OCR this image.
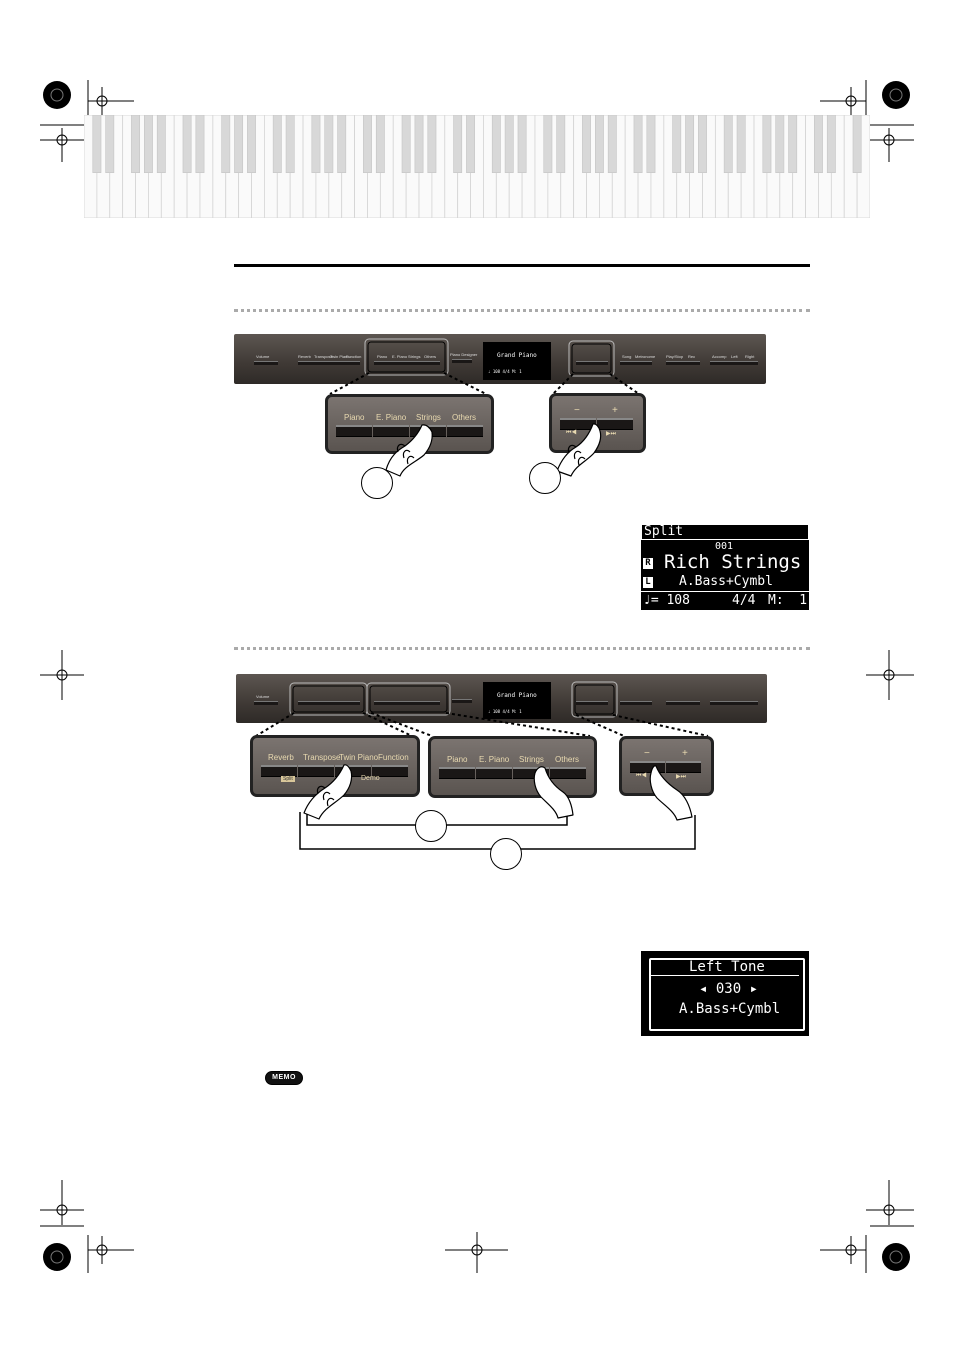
Volume	Reverb Transpose
Twin Piano
Function	Piano E. Piano Strings Others	Piano Designer	Grand Piano
♩ 108 4/4 M: 1
Song Metronome	Play/Stop Rec	Accomp Left Right
Piano E. Piano Strings Others
−	+
⏮◀	▶⏭
Split
001
R Rich Strings
L A.Bass+Cymbl
♩= 108	4/4 M:  1
Volume	Grand Piano
♩ 108 4/4 M: 1
Reverb Transpose
Twin Piano Function
Split	Demo
Piano E. Piano Strings Others
−	+
⏮◀	▶⏭
Left Tone
◂ 030 ▸
A.Bass+Cymbl
MEMO
